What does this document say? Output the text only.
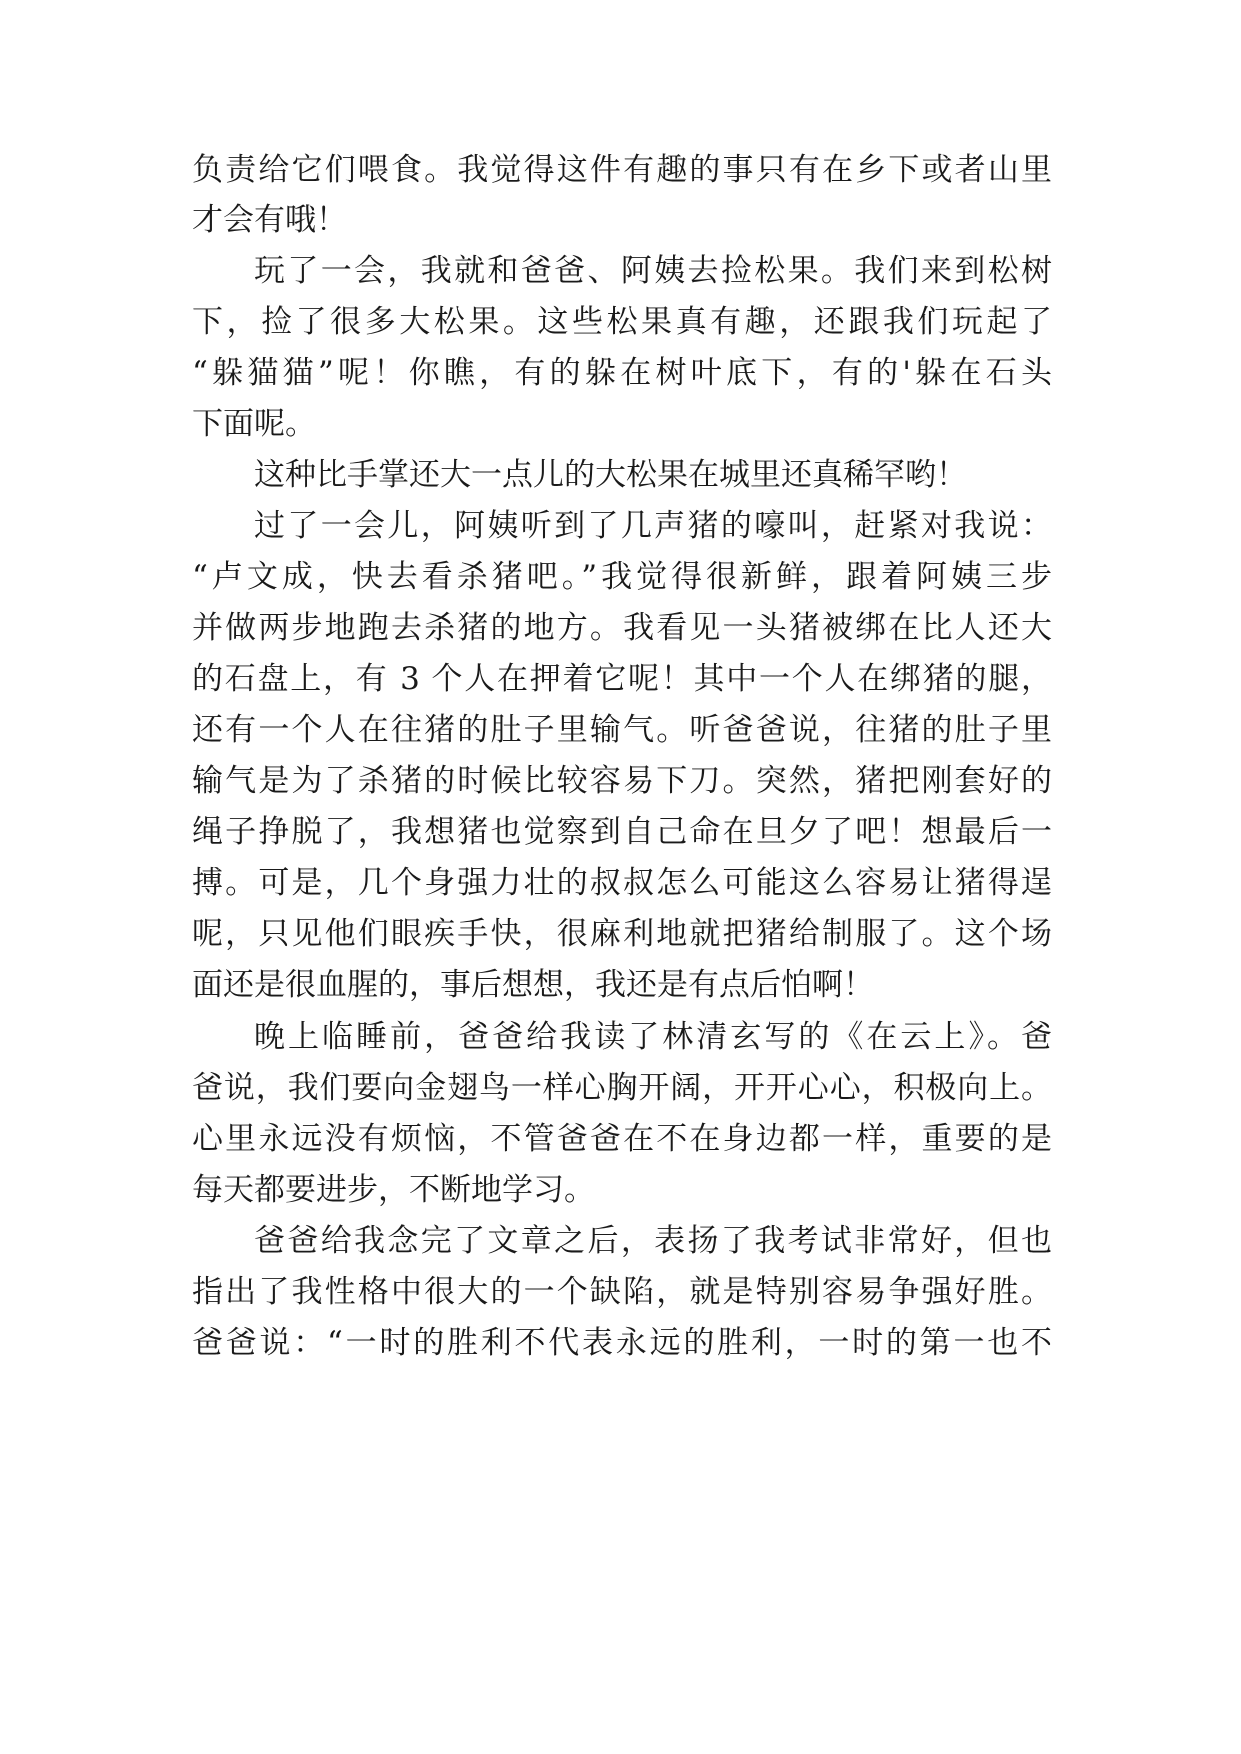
负责给它们喂食。我觉得这件有趣的事只有在乡下或者山里
才会有哦！
玩了一会，我就和爸爸、阿姨去捡松果。我们来到松树
下，捡了很多大松果。这些松果真有趣，还跟我们玩起了
“躲猫猫”呢！你瞧，有的躲在树叶底下，有的'躲在石头
下面呢。
这种比手掌还大一点儿的大松果在城里还真稀罕哟！
过了一会儿，阿姨听到了几声猪的嚎叫，赶紧对我说：
“卢文成，快去看杀猪吧。”我觉得很新鲜，跟着阿姨三步
并做两步地跑去杀猪的地方。我看见一头猪被绑在比人还大
的石盘上，有 3 个人在押着它呢！其中一个人在绑猪的腿，
还有一个人在往猪的肚子里输气。听爸爸说，往猪的肚子里
输气是为了杀猪的时候比较容易下刀。突然，猪把刚套好的
绳子挣脱了，我想猪也觉察到自己命在旦夕了吧！想最后一
搏。可是，几个身强力壮的叔叔怎么可能这么容易让猪得逞
呢，只见他们眼疾手快，很麻利地就把猪给制服了。这个场
面还是很血腥的，事后想想，我还是有点后怕啊！
晚上临睡前，爸爸给我读了林清玄写的《在云上》。爸
爸说，我们要向金翅鸟一样心胸开阔，开开心心，积极向上。
心里永远没有烦恼，不管爸爸在不在身边都一样，重要的是
每天都要进步，不断地学习。
爸爸给我念完了文章之后，表扬了我考试非常好，但也
指出了我性格中很大的一个缺陷，就是特别容易争强好胜。
爸爸说：“一时的胜利不代表永远的胜利，一时的第一也不
